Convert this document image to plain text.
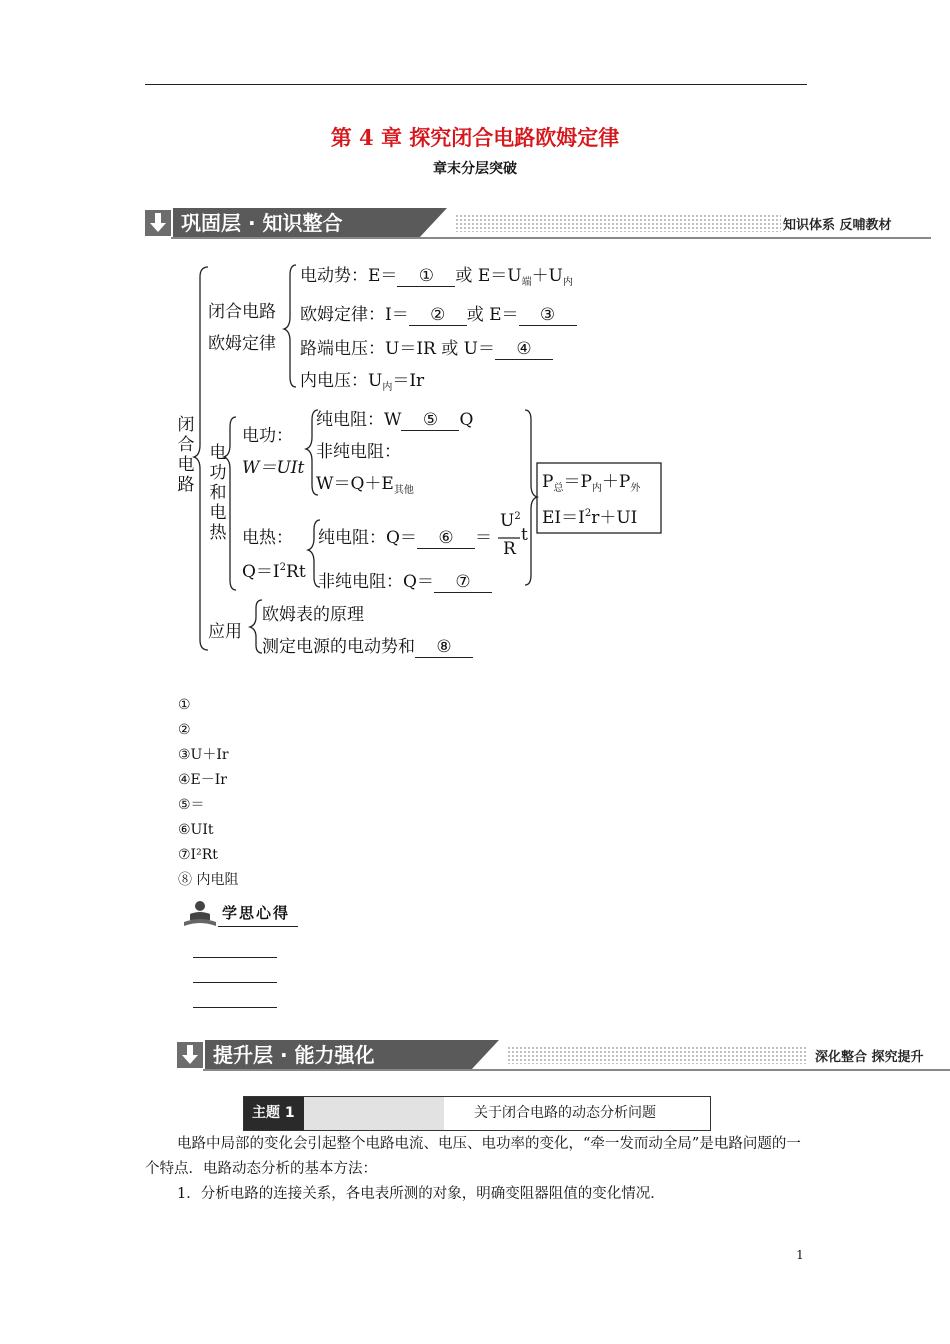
第 4 章 探究闭合电路欧姆定律
章末分层突破
巩固层 · 知识整合	知识体系 反哺教材
闭合电路
闭合电路
欧姆定律
电动势：E＝ ① 或 $E=U_端+U_内$
欧姆定律：I＝ ② 或 E＝ ③
路端电压：U＝IR 或 U＝ ④
内电压：$U_内=Ir$
电功和电热
电功：
W＝UIt
纯电阻：W ⑤ Q
非纯电阻：
$W=Q+E_{其他}$
电热：
$Q=I^2Rt$
纯电阻：Q＝ ⑥ ＝
$U^2$
R
t
非纯电阻：Q＝ ⑦
$P_总=P_内+P_外$
$EI=I^2r+UI$
应用
欧姆表的原理
测定电源的电动势和 ⑧
①
②
③U＋Ir
④E－Ir
⑤＝
⑥UIt
⑦I²Rt
⑧ 内电阻
学思心得
提升层 · 能力强化	深化整合 探究提升
主题 1	关于闭合电路的动态分析问题
电路中局部的变化会引起整个电路电流、电压、电功率的变化，“牵一发而动全局”是电路问题的一个特点．电路动态分析的基本方法：
1．分析电路的连接关系，各电表所测的对象，明确变阻器阻值的变化情况．
1
